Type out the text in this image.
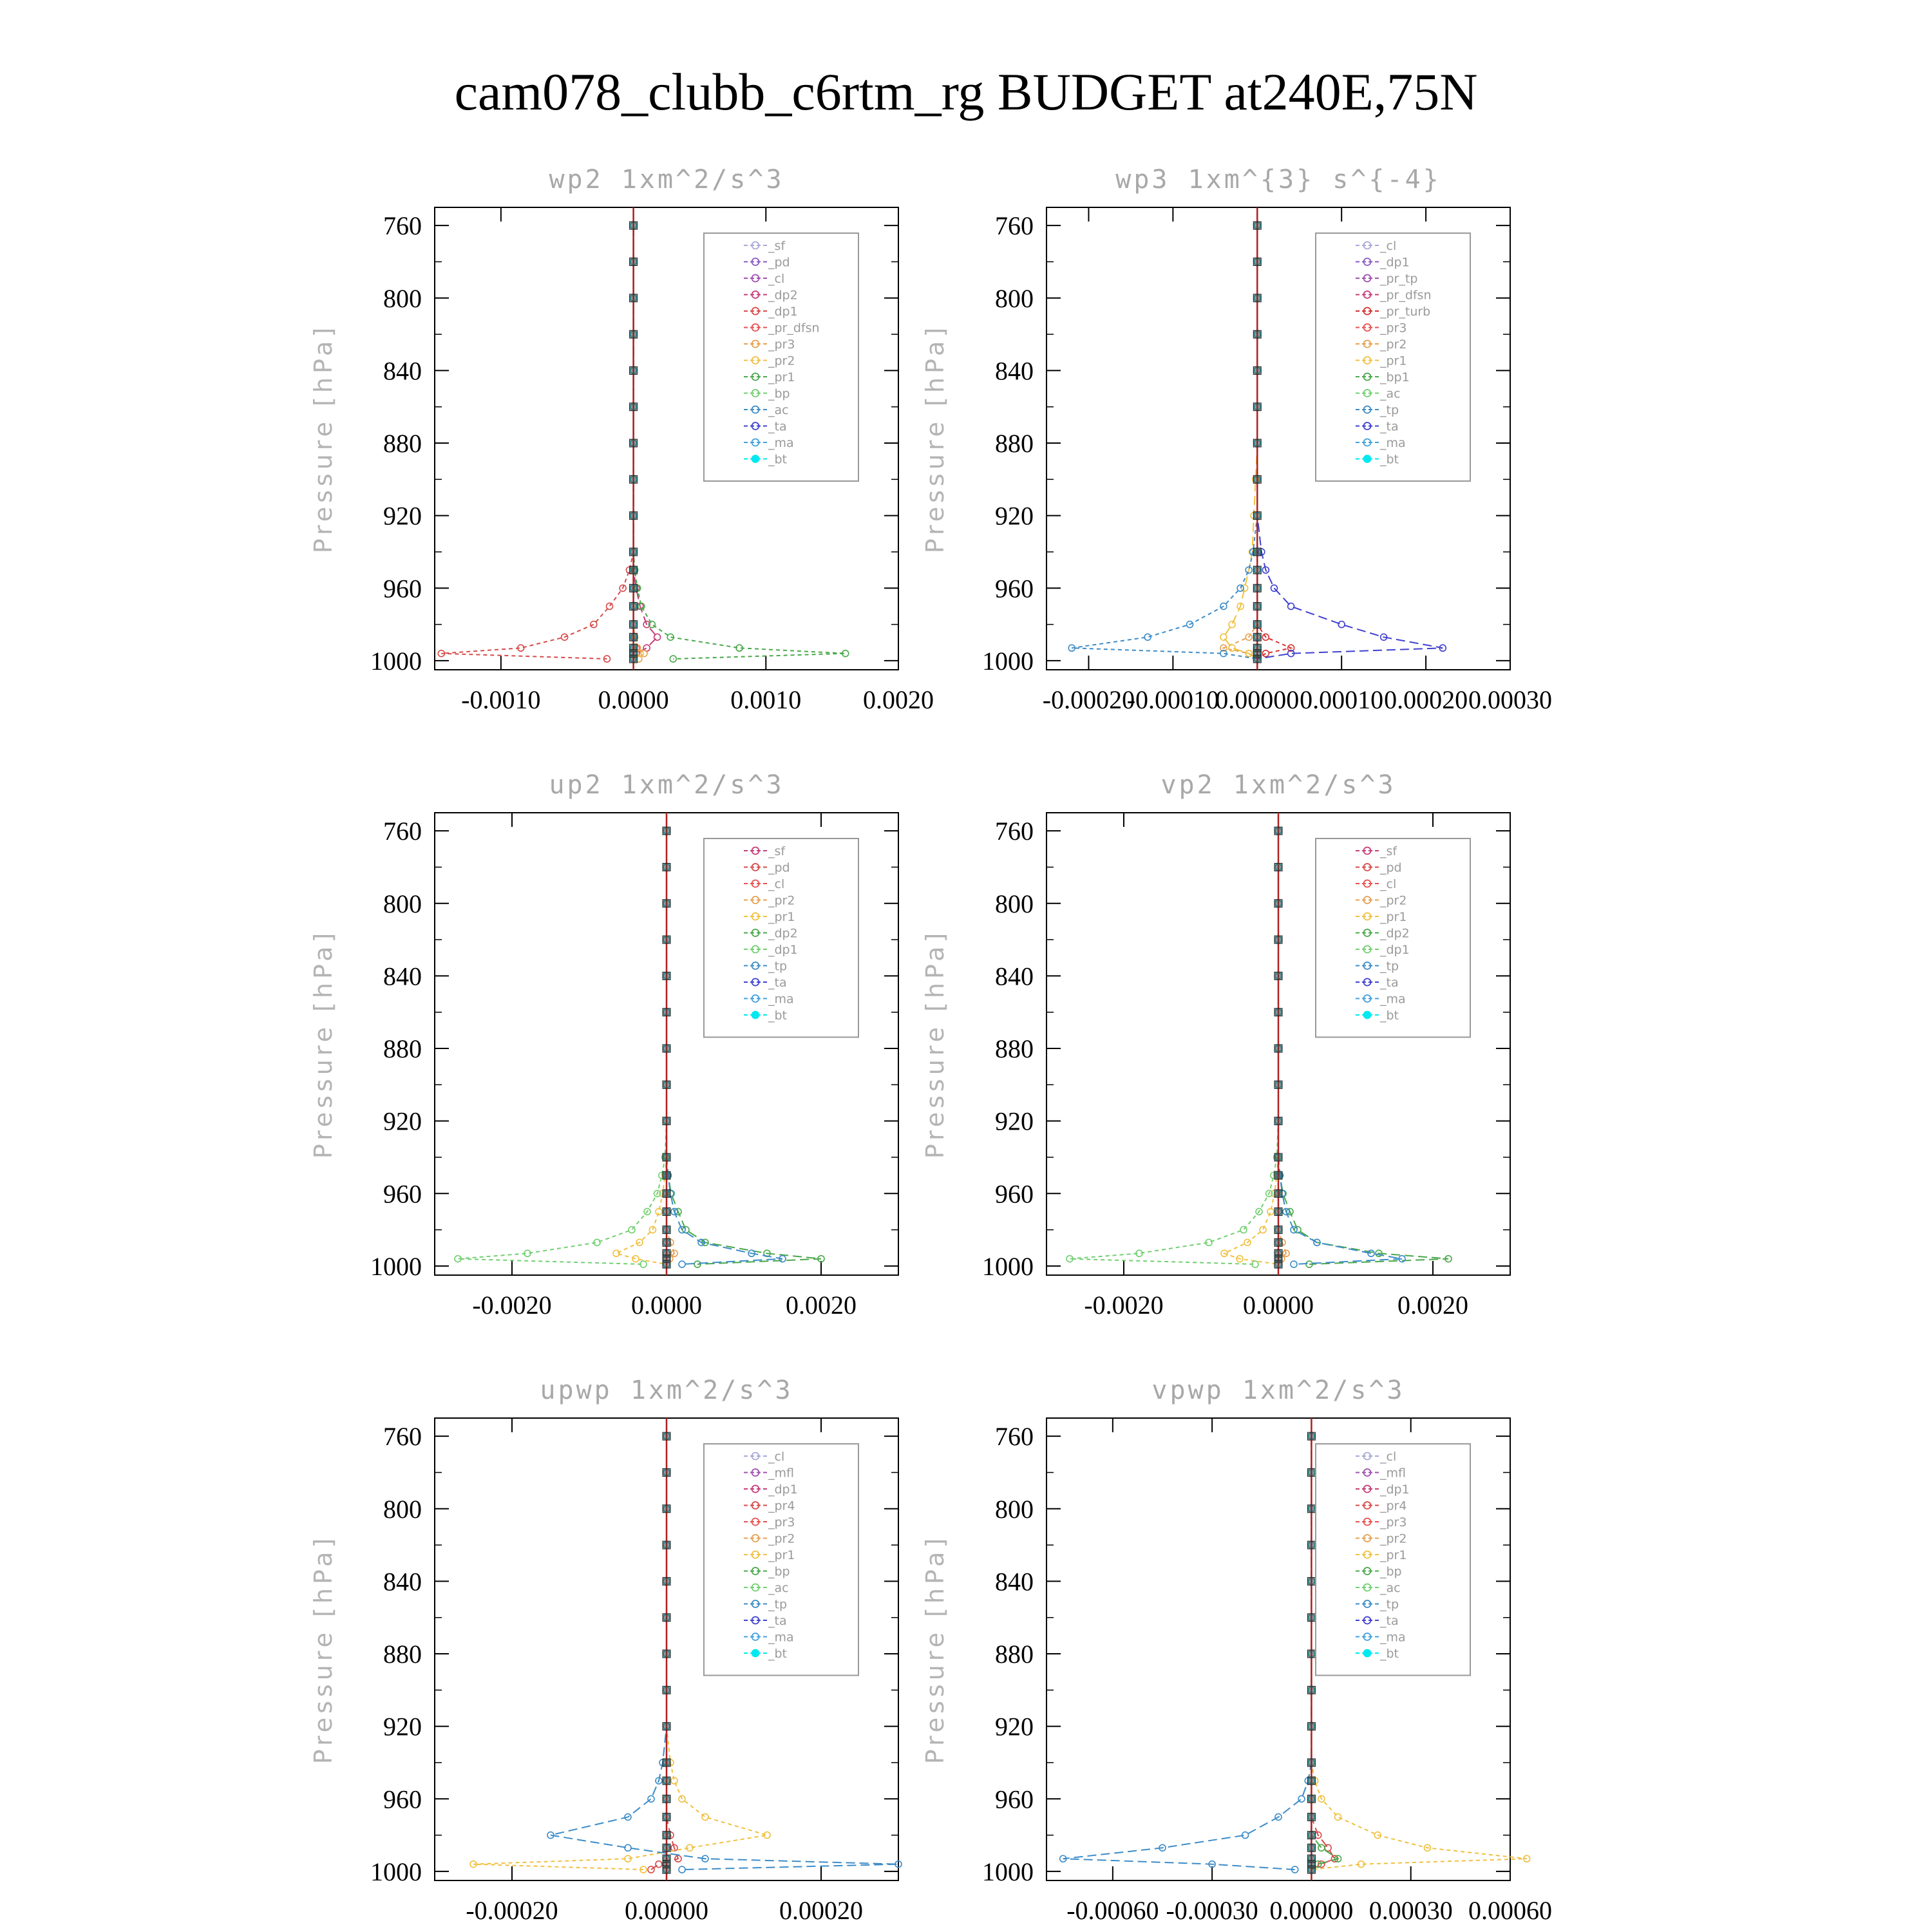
cam078_clubb_c6rtm_rg BUDGET at240E,75N
wp2 1xm^2/s^3
Pressure [hPa]
760
800
840
880
920
960
1000
-0.0010 0.0000 0.0010 0.0020
_sf
_pd
_cl
_dp2
_dp1
_pr_dfsn
_pr3
_pr2
_pr1
_bp
_ac
_ta
_ma
_bt
wp3 1xm^{3} s^{-4}
Pressure [hPa]
760
800
840
880
920
960
1000
-0.00020
-0.00010
0.00000 0.00010 0.00020 0.00030
_cl
_dp1
_pr_tp
_pr_dfsn
_pr_turb
_pr3
_pr2
_pr1
_bp1
_ac
_tp
_ta
_ma
_bt
up2 1xm^2/s^3
Pressure [hPa]
760
800
840
880
920
960
1000
-0.0020	0.0000	0.0020
_sf
_pd
_cl
_pr2
_pr1
_dp2
_dp1
_tp
_ta
_ma
_bt
vp2 1xm^2/s^3
Pressure [hPa]
760
800
840
880
920
960
1000
-0.0020	0.0000	0.0020
_sf
_pd
_cl
_pr2
_pr1
_dp2
_dp1
_tp
_ta
_ma
_bt
upwp 1xm^2/s^3
Pressure [hPa]
760
800
840
880
920
960
1000
-0.00020	0.00000	0.00020
_cl
_mfl
_dp1
_pr4
_pr3
_pr2
_pr1
_bp
_ac
_tp
_ta
_ma
_bt
vpwp 1xm^2/s^3
Pressure [hPa]
760
800
840
880
920
960
1000
-0.00060 -0.00030 0.00000 0.00030 0.00060
_cl
_mfl
_dp1
_pr4
_pr3
_pr2
_pr1
_bp
_ac
_tp
_ta
_ma
_bt
